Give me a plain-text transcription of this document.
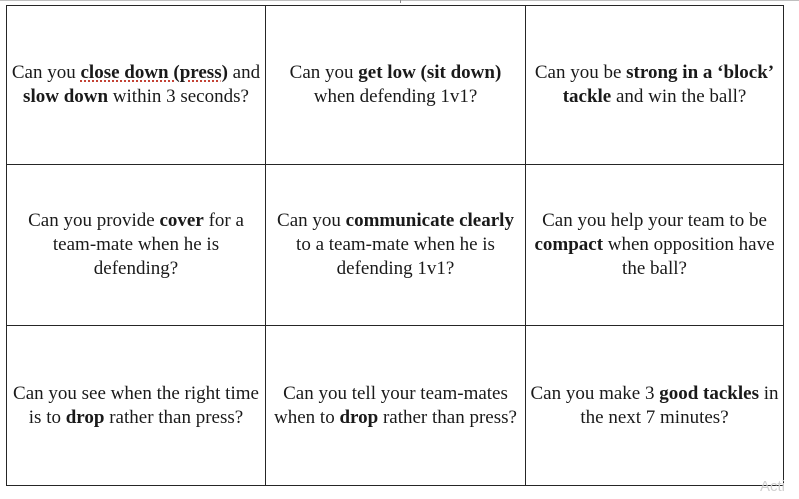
Can you close down (press) and slow down within 3 seconds?	Can you get low (sit down) when defending 1v1?	Can you be strong in a ‘block’ tackle and win the ball?
Can you provide cover for a team-mate when he is defending?	Can you communicate clearly to a team-mate when he is defending 1v1?	Can you help your team to be compact when opposition have the ball?
Can you see when the right time is to drop rather than press?	Can you tell your team-mates when to drop rather than press?	Can you make 3 good tackles in the next 7 minutes?
Acti
